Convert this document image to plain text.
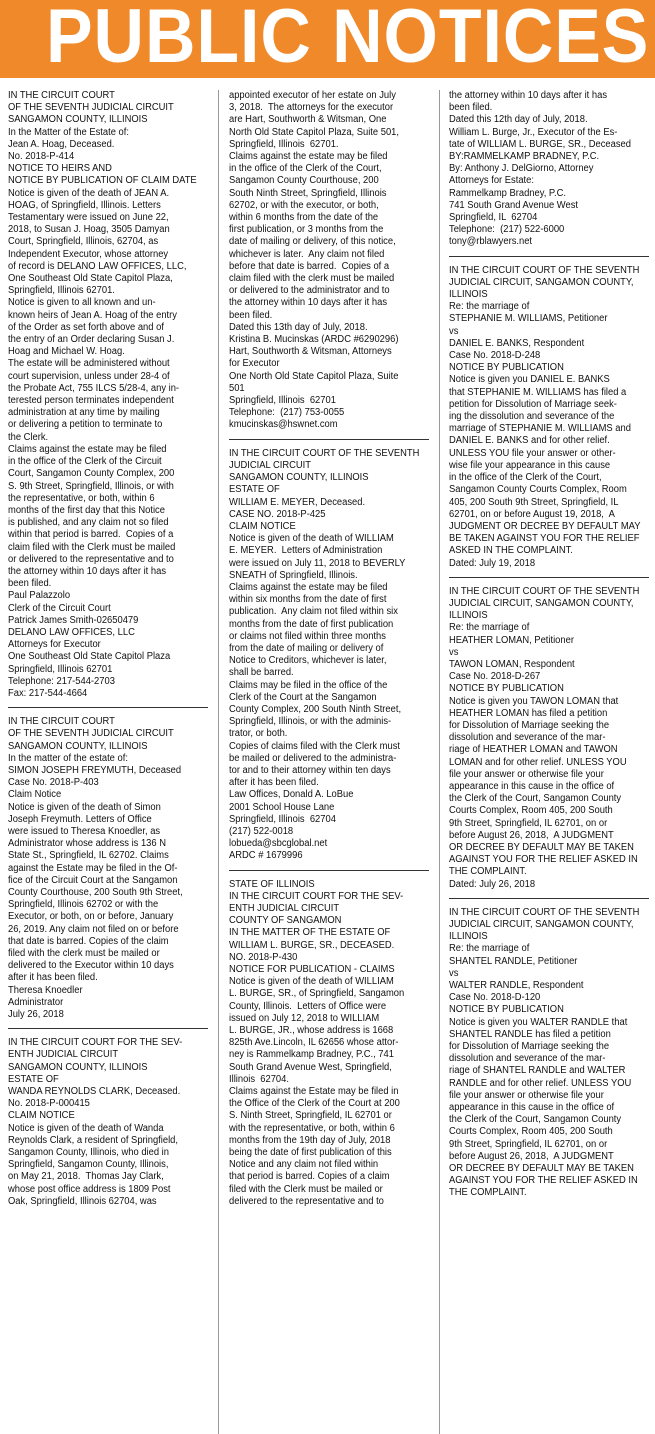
PUBLIC NOTICES

IN THE CIRCUIT COURT
OF THE SEVENTH JUDICIAL CIRCUIT
SANGAMON COUNTY, ILLINOIS
In the Matter of the Estate of:
Jean A. Hoag, Deceased.
No. 2018-P-414
NOTICE TO HEIRS AND
NOTICE BY PUBLICATION OF CLAIM DATE
Notice is given of the death of JEAN A.
HOAG, of Springfield, Illinois. Letters
Testamentary were issued on June 22,
2018, to Susan J. Hoag, 3505 Damyan
Court, Springfield, Illinois, 62704, as
Independent Executor, whose attorney
of record is DELANO LAW OFFICES, LLC,
One Southeast Old State Capitol Plaza,
Springfield, Illinois 62701.
Notice is given to all known and un-
known heirs of Jean A. Hoag of the entry
of the Order as set forth above and of
the entry of an Order declaring Susan J.
Hoag and Michael W. Hoag.
The estate will be administered without
court supervision, unless under 28-4 of
the Probate Act, 755 ILCS 5/28-4, any in-
terested person terminates independent
administration at any time by mailing
or delivering a petition to terminate to
the Clerk.
Claims against the estate may be filed
in the office of the Clerk of the Circuit
Court, Sangamon County Complex, 200
S. 9th Street, Springfield, Illinois, or with
the representative, or both, within 6
months of the first day that this Notice
is published, and any claim not so filed
within that period is barred.  Copies of a
claim filed with the Clerk must be mailed
or delivered to the representative and to
the attorney within 10 days after it has
been filed.
Paul Palazzolo
Clerk of the Circuit Court
Patrick James Smith-02650479
DELANO LAW OFFICES, LLC
Attorneys for Executor
One Southeast Old State Capitol Plaza
Springfield, Illinois 62701
Telephone: 217-544-2703
Fax: 217-544-4664

IN THE CIRCUIT COURT
OF THE SEVENTH JUDICIAL CIRCUIT
SANGAMON COUNTY, ILLINOIS
In the matter of the estate of:
SIMON JOSEPH FREYMUTH, Deceased
Case No. 2018-P-403
Claim Notice
Notice is given of the death of Simon
Joseph Freymuth. Letters of Office
were issued to Theresa Knoedler, as
Administrator whose address is 136 N
State St., Springfield, IL 62702. Claims
against the Estate may be filed in the Of-
fice of the Circuit Court at the Sangamon
County Courthouse, 200 South 9th Street,
Springfield, Illinois 62702 or with the
Executor, or both, on or before, January
26, 2019. Any claim not filed on or before
that date is barred. Copies of the claim
filed with the clerk must be mailed or
delivered to the Executor within 10 days
after it has been filed.
Theresa Knoedler
Administrator
July 26, 2018

IN THE CIRCUIT COURT FOR THE SEV-
ENTH JUDICIAL CIRCUIT
SANGAMON COUNTY, ILLINOIS
ESTATE OF
WANDA REYNOLDS CLARK, Deceased.
No. 2018-P-000415
CLAIM NOTICE
Notice is given of the death of Wanda
Reynolds Clark, a resident of Springfield,
Sangamon County, Illinois, who died in
Springfield, Sangamon County, Illinois,
on May 21, 2018.  Thomas Jay Clark,
whose post office address is 1809 Post
Oak, Springfield, Illinois 62704, was

appointed executor of her estate on July
3, 2018.  The attorneys for the executor
are Hart, Southworth & Witsman, One
North Old State Capitol Plaza, Suite 501,
Springfield, Illinois  62701.
Claims against the estate may be filed
in the office of the Clerk of the Court,
Sangamon County Courthouse, 200
South Ninth Street, Springfield, Illinois
62702, or with the executor, or both,
within 6 months from the date of the
first publication, or 3 months from the
date of mailing or delivery, of this notice,
whichever is later.  Any claim not filed
before that date is barred.  Copies of a
claim filed with the clerk must be mailed
or delivered to the administrator and to
the attorney within 10 days after it has
been filed.
Dated this 13th day of July, 2018.
Kristina B. Mucinskas (ARDC #6290296)
Hart, Southworth & Witsman, Attorneys
for Executor
One North Old State Capitol Plaza, Suite
501
Springfield, Illinois  62701
Telephone:  (217) 753-0055
kmucinskas@hswnet.com

IN THE CIRCUIT COURT OF THE SEVENTH
JUDICIAL CIRCUIT
SANGAMON COUNTY, ILLINOIS
ESTATE OF
WILLIAM E. MEYER, Deceased.
CASE NO. 2018-P-425
CLAIM NOTICE
Notice is given of the death of WILLIAM
E. MEYER.  Letters of Administration
were issued on July 11, 2018 to BEVERLY
SNEATH of Springfield, Illinois.
Claims against the estate may be filed
within six months from the date of first
publication.  Any claim not filed within six
months from the date of first publication
or claims not filed within three months
from the date of mailing or delivery of
Notice to Creditors, whichever is later,
shall be barred.
Claims may be filed in the office of the
Clerk of the Court at the Sangamon
County Complex, 200 South Ninth Street,
Springfield, Illinois, or with the adminis-
trator, or both.
Copies of claims filed with the Clerk must
be mailed or delivered to the administra-
tor and to their attorney within ten days
after it has been filed.
Law Offices, Donald A. LoBue
2001 School House Lane
Springfield, Illinois  62704
(217) 522-0018
lobueda@sbcglobal.net
ARDC # 1679996

STATE OF ILLINOIS
IN THE CIRCUIT COURT FOR THE SEV-
ENTH JUDICIAL CIRCUIT
COUNTY OF SANGAMON
IN THE MATTER OF THE ESTATE OF
WILLIAM L. BURGE, SR., DECEASED.
NO. 2018-P-430
NOTICE FOR PUBLICATION - CLAIMS
Notice is given of the death of WILLIAM
L. BURGE, SR., of Springfield, Sangamon
County, Illinois.  Letters of Office were
issued on July 12, 2018 to WILLIAM
L. BURGE, JR., whose address is 1668
825th Ave.Lincoln, IL 62656 whose attor-
ney is Rammelkamp Bradney, P.C., 741
South Grand Avenue West, Springfield,
Illinois  62704.
Claims against the Estate may be filed in
the Office of the Clerk of the Court at 200
S. Ninth Street, Springfield, IL 62701 or
with the representative, or both, within 6
months from the 19th day of July, 2018
being the date of first publication of this
Notice and any claim not filed within
that period is barred. Copies of a claim
filed with the Clerk must be mailed or
delivered to the representative and to

the attorney within 10 days after it has
been filed.
Dated this 12th day of July, 2018.
William L. Burge, Jr., Executor of the Es-
tate of WILLIAM L. BURGE, SR., Deceased
BY:RAMMELKAMP BRADNEY, P.C.
By: Anthony J. DelGiorno, Attorney
Attorneys for Estate:
Rammelkamp Bradney, P.C.
741 South Grand Avenue West
Springfield, IL  62704
Telephone:  (217) 522-6000
tony@rblawyers.net

IN THE CIRCUIT COURT OF THE SEVENTH
JUDICIAL CIRCUIT, SANGAMON COUNTY,
ILLINOIS
Re: the marriage of
STEPHANIE M. WILLIAMS, Petitioner
vs
DANIEL E. BANKS, Respondent
Case No. 2018-D-248
NOTICE BY PUBLICATION
Notice is given you DANIEL E. BANKS
that STEPHANIE M. WILLIAMS has filed a
petition for Dissolution of Marriage seek-
ing the dissolution and severance of the
marriage of STEPHANIE M. WILLIAMS and
DANIEL E. BANKS and for other relief.
UNLESS YOU file your answer or other-
wise file your appearance in this cause
in the office of the Clerk of the Court,
Sangamon County Courts Complex, Room
405, 200 South 9th Street, Springfield, IL
62701, on or before August 19, 2018,  A
JUDGMENT OR DECREE BY DEFAULT MAY
BE TAKEN AGAINST YOU FOR THE RELIEF
ASKED IN THE COMPLAINT.
Dated: July 19, 2018

IN THE CIRCUIT COURT OF THE SEVENTH
JUDICIAL CIRCUIT, SANGAMON COUNTY,
ILLINOIS
Re: the marriage of
HEATHER LOMAN, Petitioner
vs
TAWON LOMAN, Respondent
Case No. 2018-D-267
NOTICE BY PUBLICATION
Notice is given you TAWON LOMAN that
HEATHER LOMAN has filed a petition
for Dissolution of Marriage seeking the
dissolution and severance of the mar-
riage of HEATHER LOMAN and TAWON
LOMAN and for other relief. UNLESS YOU
file your answer or otherwise file your
appearance in this cause in the office of
the Clerk of the Court, Sangamon County
Courts Complex, Room 405, 200 South
9th Street, Springfield, IL 62701, on or
before August 26, 2018,  A JUDGMENT
OR DECREE BY DEFAULT MAY BE TAKEN
AGAINST YOU FOR THE RELIEF ASKED IN
THE COMPLAINT.
Dated: July 26, 2018

IN THE CIRCUIT COURT OF THE SEVENTH
JUDICIAL CIRCUIT, SANGAMON COUNTY,
ILLINOIS
Re: the marriage of
SHANTEL RANDLE, Petitioner
vs
WALTER RANDLE, Respondent
Case No. 2018-D-120
NOTICE BY PUBLICATION
Notice is given you WALTER RANDLE that
SHANTEL RANDLE has filed a petition
for Dissolution of Marriage seeking the
dissolution and severance of the mar-
riage of SHANTEL RANDLE and WALTER
RANDLE and for other relief. UNLESS YOU
file your answer or otherwise file your
appearance in this cause in the office of
the Clerk of the Court, Sangamon County
Courts Complex, Room 405, 200 South
9th Street, Springfield, IL 62701, on or
before August 26, 2018,  A JUDGMENT
OR DECREE BY DEFAULT MAY BE TAKEN
AGAINST YOU FOR THE RELIEF ASKED IN
THE COMPLAINT.
